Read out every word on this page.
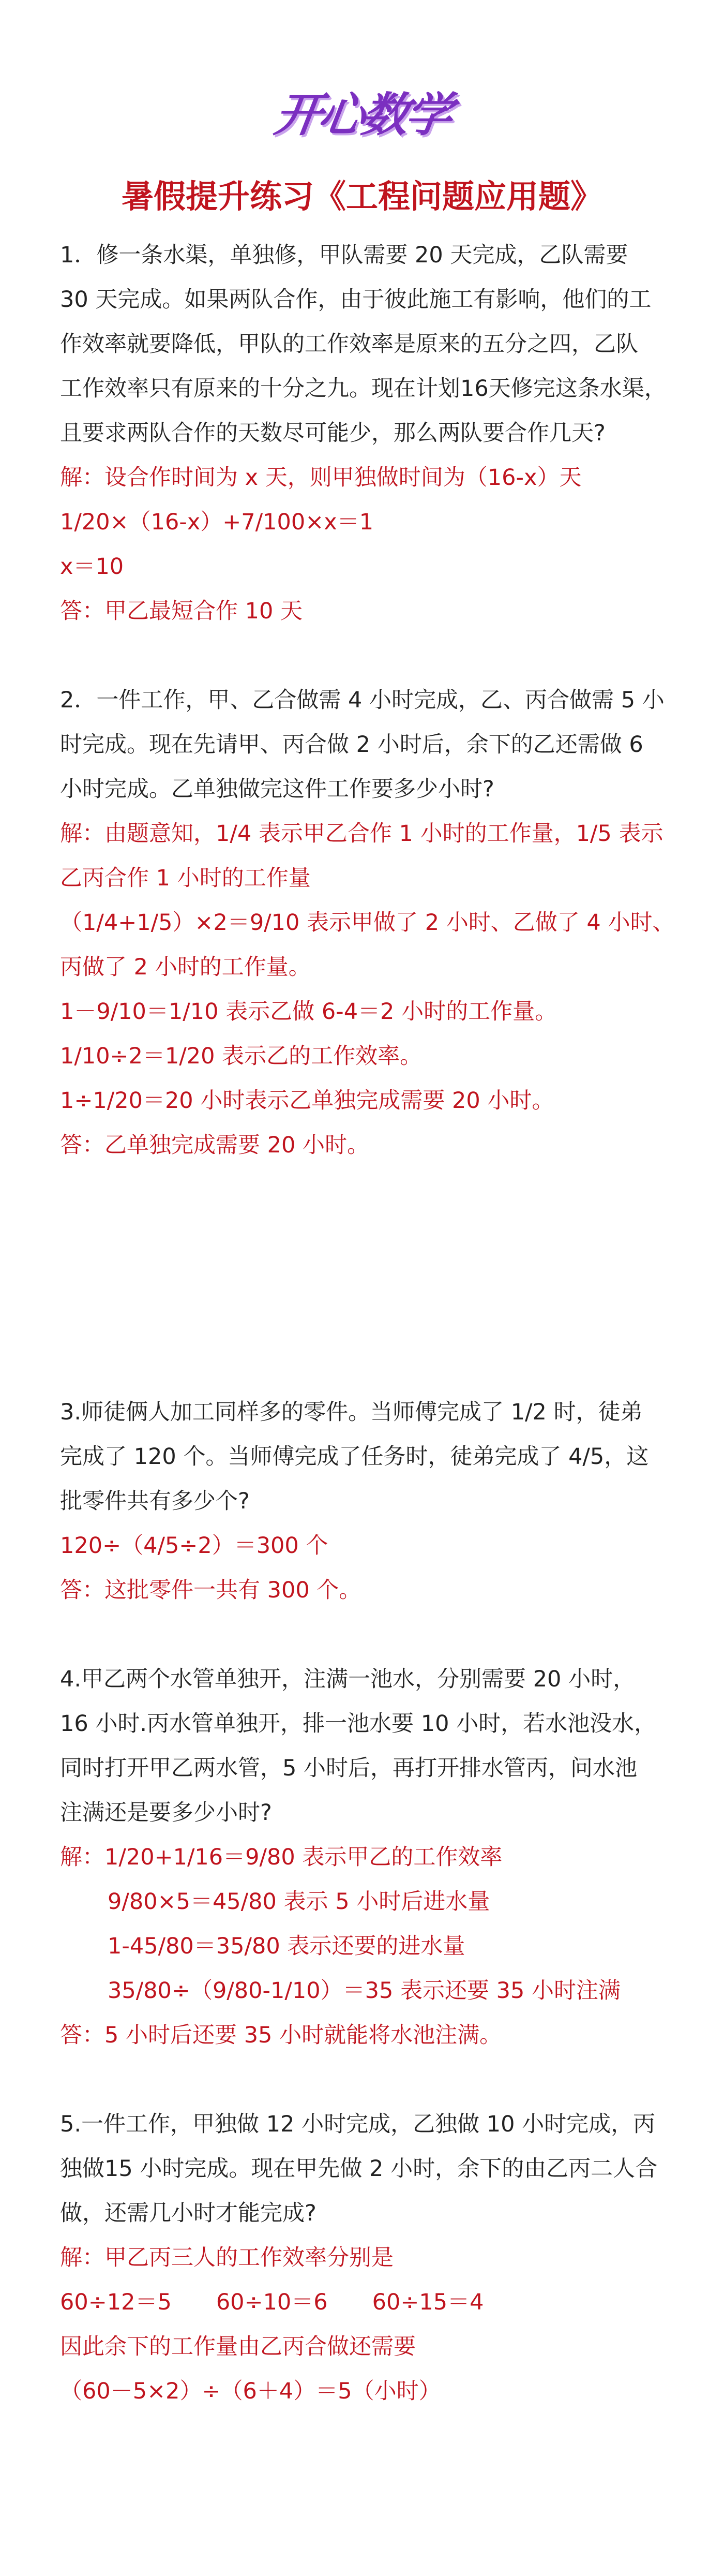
开心数学
暑假提升练习《工程问题应用题》
1．修一条水渠，单独修，甲队需要 20 天完成，乙队需要
30 天完成。如果两队合作，由于彼此施工有影响，他们的工
作效率就要降低，甲队的工作效率是原来的五分之四，乙队
工作效率只有原来的十分之九。现在计划16天修完这条水渠，
且要求两队合作的天数尽可能少，那么两队要合作几天?
解：设合作时间为 x 天，则甲独做时间为（16-x）天
1/20×（16-x）+7/100×x＝1
x＝10
答：甲乙最短合作 10 天
2．一件工作，甲、乙合做需 4 小时完成，乙、丙合做需 5 小
时完成。现在先请甲、丙合做 2 小时后，余下的乙还需做 6
小时完成。乙单独做完这件工作要多少小时?
解：由题意知，1/4 表示甲乙合作 1 小时的工作量，1/5 表示
乙丙合作 1 小时的工作量
（1/4+1/5）×2＝9/10 表示甲做了 2 小时、乙做了 4 小时、
丙做了 2 小时的工作量。
1－9/10＝1/10 表示乙做 6-4＝2 小时的工作量。
1/10÷2＝1/20 表示乙的工作效率。
1÷1/20＝20 小时表示乙单独完成需要 20 小时。
答：乙单独完成需要 20 小时。
3.师徒俩人加工同样多的零件。当师傅完成了 1/2 时，徒弟
完成了 120 个。当师傅完成了任务时，徒弟完成了 4/5，这
批零件共有多少个?
120÷（4/5÷2）＝300 个
答：这批零件一共有 300 个。
4.甲乙两个水管单独开，注满一池水，分别需要 20 小时，
16 小时.丙水管单独开，排一池水要 10 小时，若水池没水，
同时打开甲乙两水管，5 小时后，再打开排水管丙，问水池
注满还是要多少小时?
解：1/20+1/16＝9/80 表示甲乙的工作效率
9/80×5＝45/80 表示 5 小时后进水量
1-45/80＝35/80 表示还要的进水量
35/80÷（9/80-1/10）＝35 表示还要 35 小时注满
答：5 小时后还要 35 小时就能将水池注满。
5.一件工作，甲独做 12 小时完成，乙独做 10 小时完成，丙
独做15 小时完成。现在甲先做 2 小时，余下的由乙丙二人合
做，还需几小时才能完成?
解：甲乙丙三人的工作效率分别是
60÷12＝5　　60÷10＝6　　60÷15＝4
因此余下的工作量由乙丙合做还需要
（60－5×2）÷（6＋4）＝5（小时）
